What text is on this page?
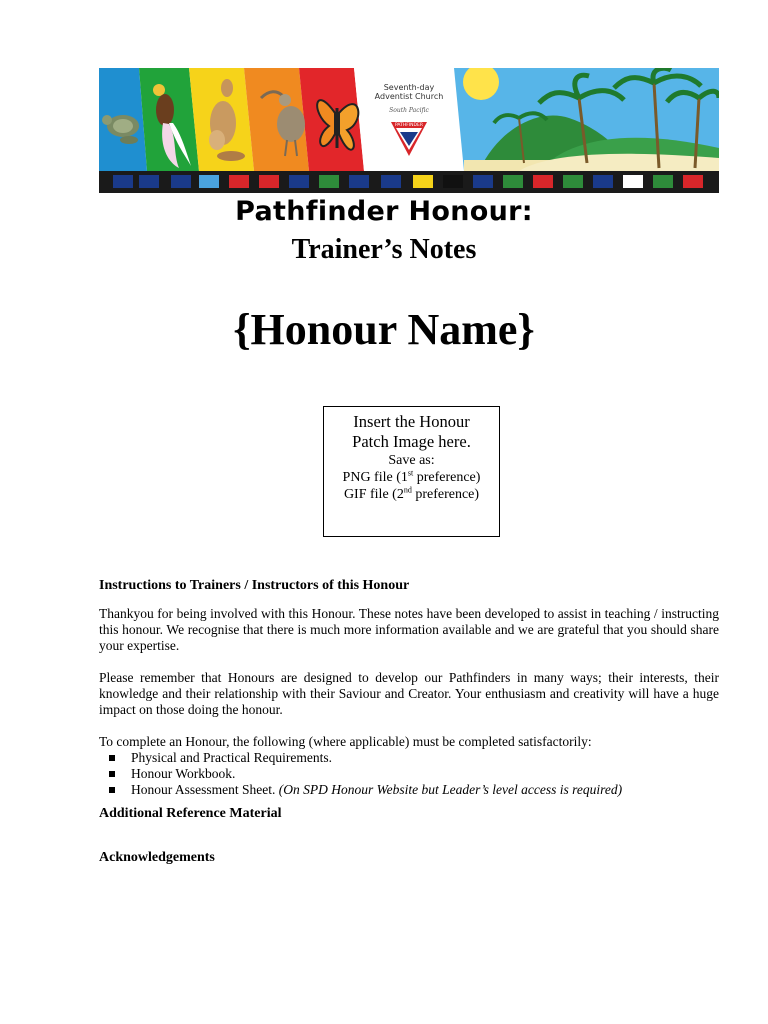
Seventh-day
Adventist Church
South Pacific
PATHFINDER
Pathfinder Honour:
Trainer’s Notes
{Honour Name}
Insert the Honour
Patch Image here.
Save as:
PNG file (1st preference)
GIF file (2nd preference)
Instructions to Trainers / Instructors of this Honour

Thankyou for being involved with this Honour. These notes have been developed to assist in teaching / instructing this honour. We recognise that there is much more information available and we are grateful that you should share your expertise.

Please remember that Honours are designed to develop our Pathfinders in many ways; their interests, their knowledge and their relationship with their Saviour and Creator. Your enthusiasm and creativity will have a huge impact on those doing the honour.

To complete an Honour, the following (where applicable) must be completed satisfactorily:

Physical and Practical Requirements.
Honour Workbook.
Honour Assessment Sheet. (On SPD Honour Website but Leader’s level access is required)
Additional Reference Material
Acknowledgements
